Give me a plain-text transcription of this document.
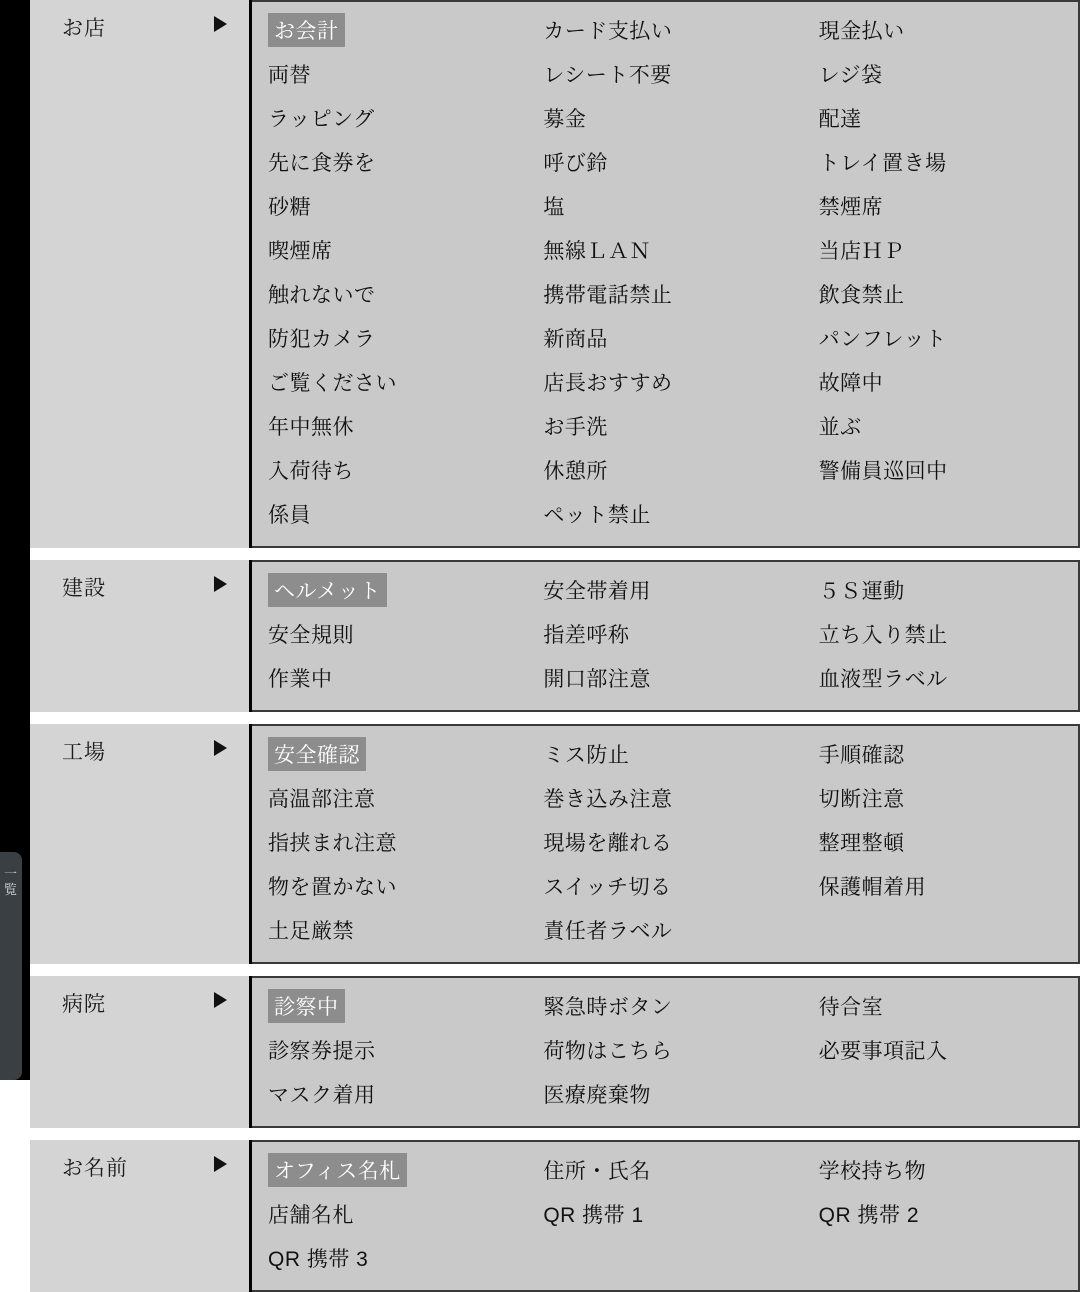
一覧
お店	お会計	カード支払い	現金払い
両替	レシート不要	レジ袋
ラッピング	募金	配達
先に食券を	呼び鈴	トレイ置き場
砂糖	塩	禁煙席
喫煙席	無線ＬＡＮ	当店ＨＰ
触れないで	携帯電話禁止	飲食禁止
防犯カメラ	新商品	パンフレット
ご覧ください	店長おすすめ	故障中
年中無休	お手洗	並ぶ
入荷待ち	休憩所	警備員巡回中
係員	ペット禁止
建設	ヘルメット	安全帯着用	５Ｓ運動
安全規則	指差呼称	立ち入り禁止
作業中	開口部注意	血液型ラベル
工場	安全確認	ミス防止	手順確認
高温部注意	巻き込み注意	切断注意
指挟まれ注意	現場を離れる	整理整頓
物を置かない	スイッチ切る	保護帽着用
土足厳禁	責任者ラベル
病院	診察中	緊急時ボタン	待合室
診察券提示	荷物はこちら	必要事項記入
マスク着用	医療廃棄物
お名前	オフィス名札	住所・氏名	学校持ち物
店舗名札	QR 携帯 1	QR 携帯 2
QR 携帯 3
